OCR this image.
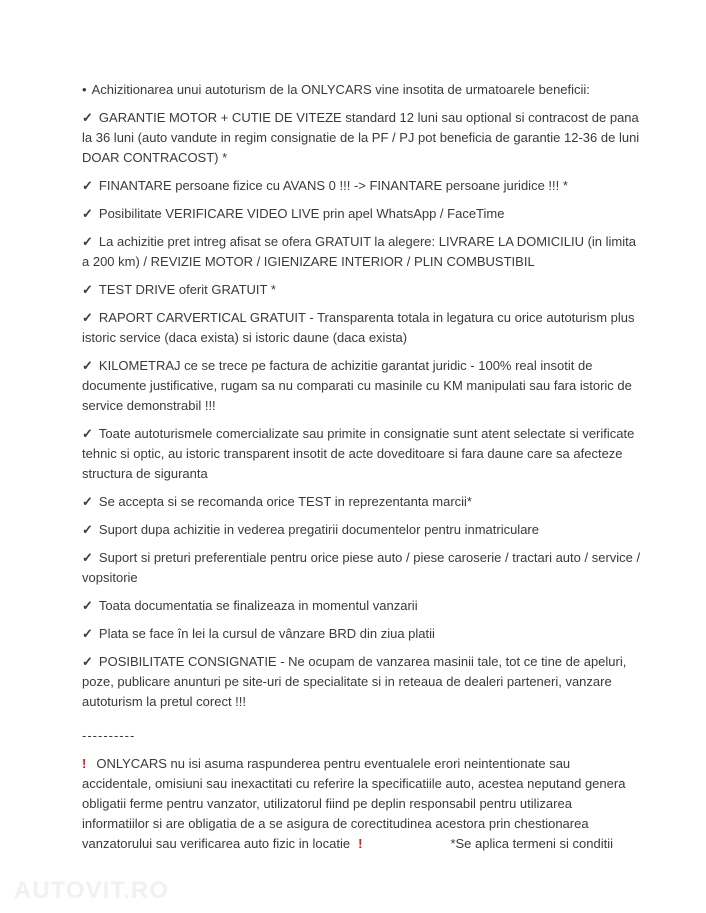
• Achizitionarea unui autoturism de la ONLYCARS vine insotita de urmatoarele beneficii:

✓ GARANTIE MOTOR + CUTIE DE VITEZE standard 12 luni sau optional si contracost de pana la 36 luni (auto vandute in regim consignatie de la PF / PJ pot beneficia de garantie 12-36 de luni DOAR CONTRACOST) *

✓ FINANTARE persoane fizice cu AVANS 0 !!! -> FINANTARE persoane juridice !!! *

✓ Posibilitate VERIFICARE VIDEO LIVE prin apel WhatsApp / FaceTime

✓ La achizitie pret intreg afisat se ofera GRATUIT la alegere: LIVRARE LA DOMICILIU (in limita a 200 km) / REVIZIE MOTOR / IGIENIZARE INTERIOR / PLIN COMBUSTIBIL

✓ TEST DRIVE oferit GRATUIT *

✓ RAPORT CARVERTICAL GRATUIT - Transparenta totala in legatura cu orice autoturism plus istoric service (daca exista) si istoric daune (daca exista)

✓ KILOMETRAJ ce se trece pe factura de achizitie garantat juridic - 100% real insotit de documente justificative, rugam sa nu comparati cu masinile cu KM manipulati sau fara istoric de service demonstrabil !!!

✓ Toate autoturismele comercializate sau primite in consignatie sunt atent selectate si verificate tehnic si optic, au istoric transparent insotit de acte doveditoare si fara daune care sa afecteze structura de siguranta

✓ Se accepta si se recomanda orice TEST in reprezentanta marcii*

✓ Suport dupa achizitie in vederea pregatirii documentelor pentru inmatriculare

✓ Suport si preturi preferentiale pentru orice piese auto / piese caroserie / tractari auto / service / vopsitorie

✓ Toata documentatia se finalizeaza in momentul vanzarii

✓ Plata se face în lei la cursul de vânzare BRD din ziua platii

✓ POSIBILITATE CONSIGNATIE - Ne ocupam de vanzarea masinii tale, tot ce tine de apeluri, poze, publicare anunturi pe site-uri de specialitate si in reteaua de dealeri parteneri, vanzare autoturism la pretul corect !!!

----------

! ONLYCARS nu isi asuma raspunderea pentru eventualele erori neintentionate sau accidentale, omisiuni sau inexactitati cu referire la specificatiile auto, acestea neputand genera obligatii ferme pentru vanzator, utilizatorul fiind pe deplin responsabil pentru utilizarea informatiilor si are obligatia de a se asigura de corectitudinea acestora prin chestionarea vanzatorului sau verificarea auto fizic in locatie !	*Se aplica termeni si conditii

AUTOVIT.RO
